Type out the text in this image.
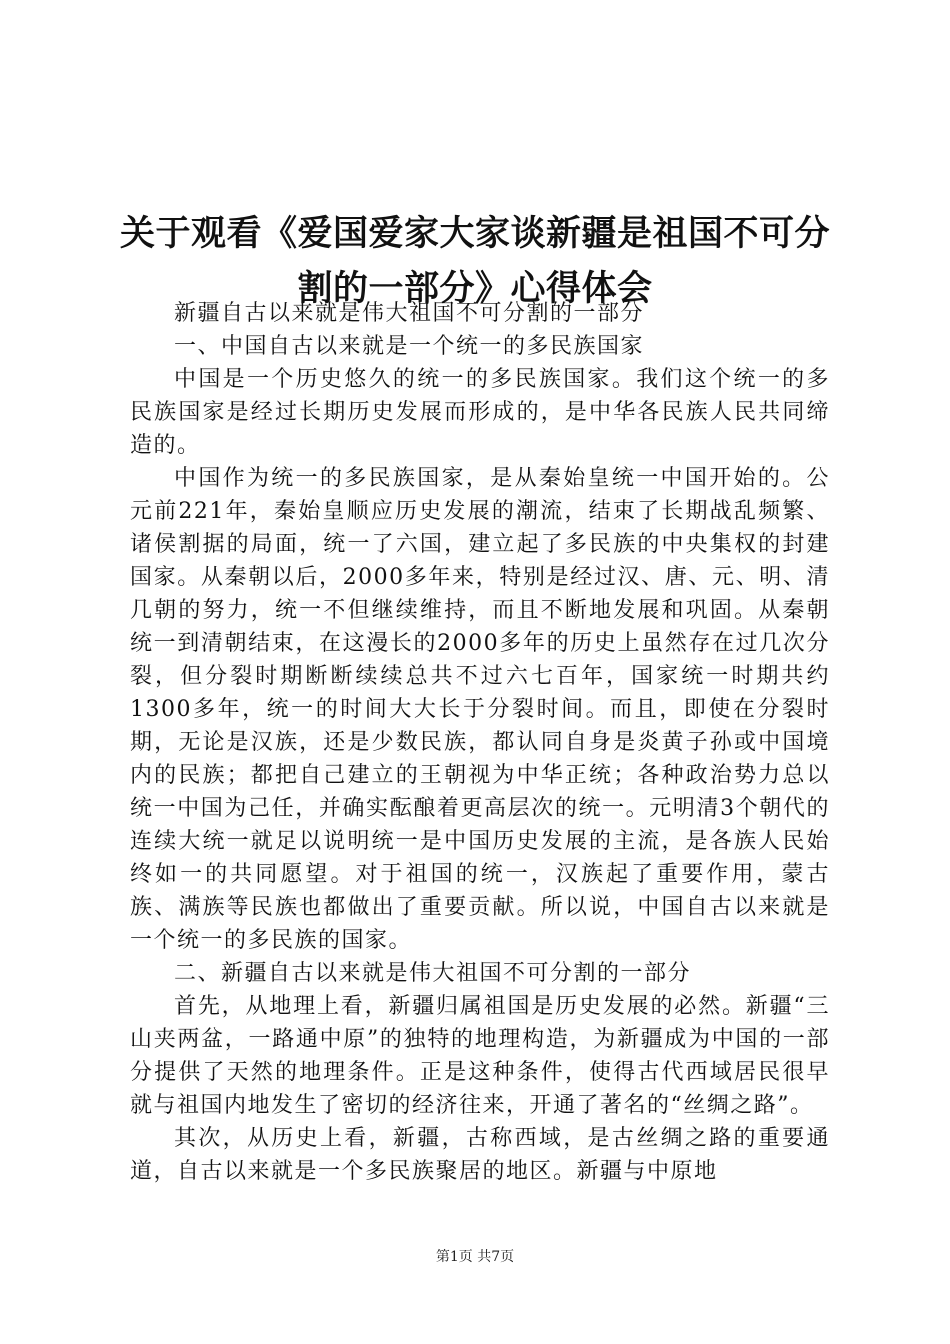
关于观看《爱国爱家大家谈新疆是祖国不可分
割的一部分》心得体会

新疆自古以来就是伟大祖国不可分割的一部分

一、中国自古以来就是一个统一的多民族国家

中国是一个历史悠久的统一的多民族国家。我们这个统一的多民族国家是经过长期历史发展而形成的，是中华各民族人民共同缔造的。

中国作为统一的多民族国家，是从秦始皇统一中国开始的。公元前221年，秦始皇顺应历史发展的潮流，结束了长期战乱频繁、诸侯割据的局面，统一了六国，建立起了多民族的中央集权的封建国家。从秦朝以后，2000多年来，特别是经过汉、唐、元、明、清几朝的努力，统一不但继续维持，而且不断地发展和巩固。从秦朝统一到清朝结束，在这漫长的2000多年的历史上虽然存在过几次分裂，但分裂时期断断续续总共不过六七百年，国家统一时期共约1300多年，统一的时间大大长于分裂时间。而且，即使在分裂时期，无论是汉族，还是少数民族，都认同自身是炎黄子孙或中国境内的民族；都把自己建立的王朝视为中华正统；各种政治势力总以统一中国为己任，并确实酝酿着更高层次的统一。元明清3个朝代的连续大统一就足以说明统一是中国历史发展的主流，是各族人民始终如一的共同愿望。对于祖国的统一，汉族起了重要作用，蒙古族、满族等民族也都做出了重要贡献。所以说，中国自古以来就是一个统一的多民族的国家。

二、新疆自古以来就是伟大祖国不可分割的一部分

首先，从地理上看，新疆归属祖国是历史发展的必然。新疆“三山夹两盆，一路通中原”的独特的地理构造，为新疆成为中国的一部分提供了天然的地理条件。正是这种条件，使得古代西域居民很早就与祖国内地发生了密切的经济往来，开通了著名的“丝绸之路”。

其次，从历史上看，新疆，古称西域，是古丝绸之路的重要通道，自古以来就是一个多民族聚居的地区。新疆与中原地

第1页 共7页
